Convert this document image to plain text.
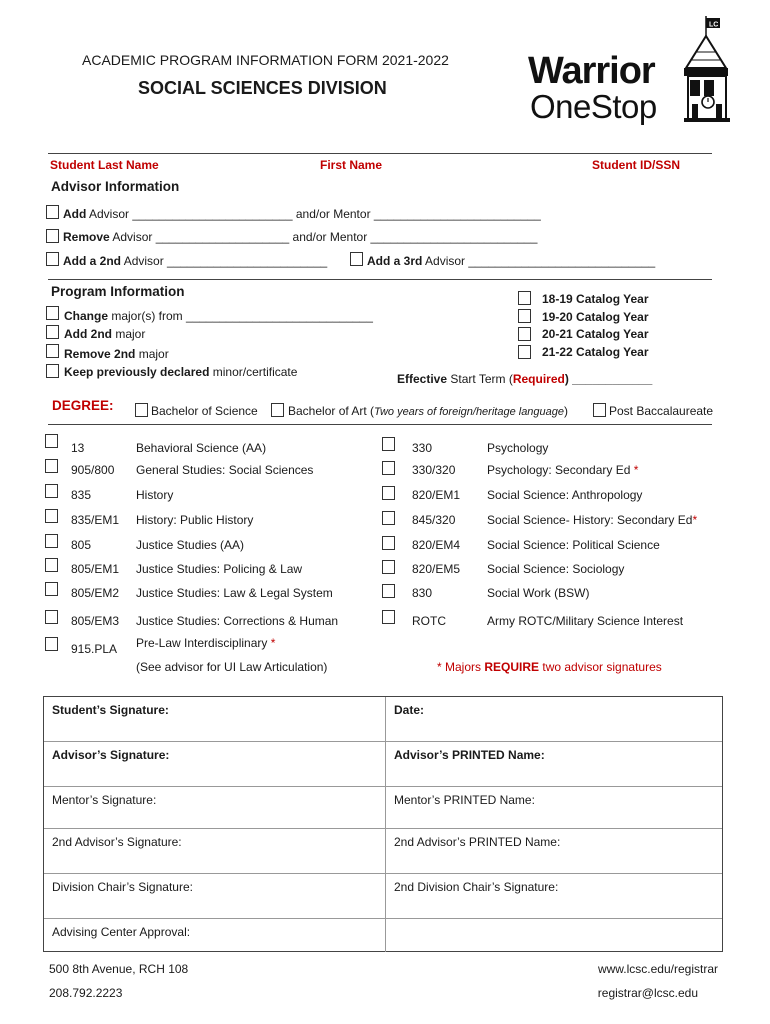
ACADEMIC PROGRAM INFORMATION FORM 2021-2022
SOCIAL SCIENCES DIVISION	Warrior
OneStop
LC
Student Last Name	First Name	Student ID/SSN
Advisor Information
Add Advisor ________________________ and/or Mentor _________________________
Remove Advisor ____________________ and/or Mentor _________________________
Add a 2nd Advisor ________________________	Add a 3rd Advisor ____________________________
Program Information
Change major(s) from ____________________________
Add 2nd major
Remove 2nd major
Keep previously declared minor/certificate
18-19 Catalog Year
19-20 Catalog Year
20-21 Catalog Year
21-22 Catalog Year
Effective Start Term (Required) ____________
DEGREE:	Bachelor of Science	Bachelor of Art (Two years of foreign/heritage language)	Post Baccalaureate
13	Behavioral Science (AA)
905/800 General Studies: Social Sciences
835	History
835/EM1 History: Public History
805	Justice Studies (AA)
805/EM1 Justice Studies: Policing & Law
805/EM2 Justice Studies: Law & Legal System
805/EM3 Justice Studies: Corrections & Human
915.PLA Pre-Law Interdisciplinary *
(See advisor for UI Law Articulation)
330	Psychology
330/320	Psychology: Secondary Ed *
820/EM1 Social Science: Anthropology
845/320	Social Science- History: Secondary Ed*
820/EM4 Social Science: Political Science
820/EM5 Social Science: Sociology
830	Social Work (BSW)
ROTC	Army ROTC/Military Science Interest
* Majors REQUIRE two advisor signatures
Student’s Signature:	Date:
Advisor’s Signature:	Advisor’s PRINTED Name:
Mentor’s Signature:	Mentor’s PRINTED Name:
2nd Advisor’s Signature:	2nd Advisor’s PRINTED Name:
Division Chair’s Signature:	2nd Division Chair’s Signature:
Advising Center Approval:
500 8th Avenue, RCH 108
208.792.2223
www.lcsc.edu/registrar
registrar@lcsc.edu
